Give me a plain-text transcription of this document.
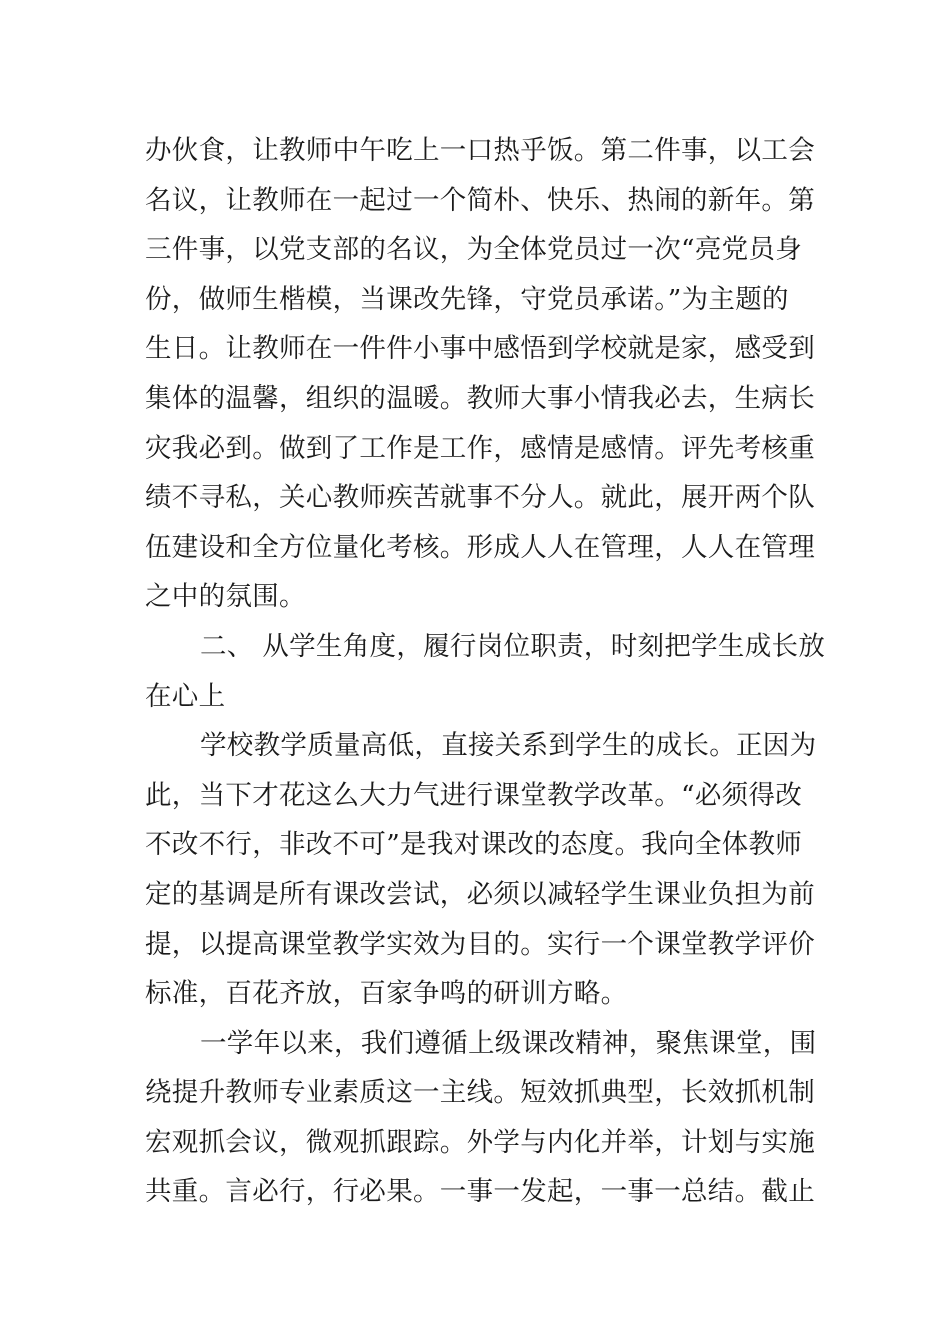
办伙食，让教师中午吃上一口热乎饭。第二件事，以工会
名议，让教师在一起过一个简朴、快乐、热闹的新年。第
三件事，以党支部的名议，为全体党员过一次“亮党员身
份，做师生楷模，当课改先锋，守党员承诺。”为主题的
生日。让教师在一件件小事中感悟到学校就是家，感受到
集体的温馨，组织的温暖。教师大事小情我必去，生病长
灾我必到。做到了工作是工作，感情是感情。评先考核重
绩不寻私，关心教师疾苦就事不分人。就此，展开两个队
伍建设和全方位量化考核。形成人人在管理，人人在管理
之中的氛围。
二、 从学生角度，履行岗位职责，时刻把学生成长放
在心上
学校教学质量高低，直接关系到学生的成长。正因为
此，当下才花这么大力气进行课堂教学改革。“必须得改
不改不行，非改不可”是我对课改的态度。我向全体教师
定的基调是所有课改尝试，必须以减轻学生课业负担为前
提，以提高课堂教学实效为目的。实行一个课堂教学评价
标准，百花齐放，百家争鸣的研训方略。
一学年以来，我们遵循上级课改精神，聚焦课堂，围
绕提升教师专业素质这一主线。短效抓典型，长效抓机制
宏观抓会议，微观抓跟踪。外学与内化并举，计划与实施
共重。言必行，行必果。一事一发起，一事一总结。截止
